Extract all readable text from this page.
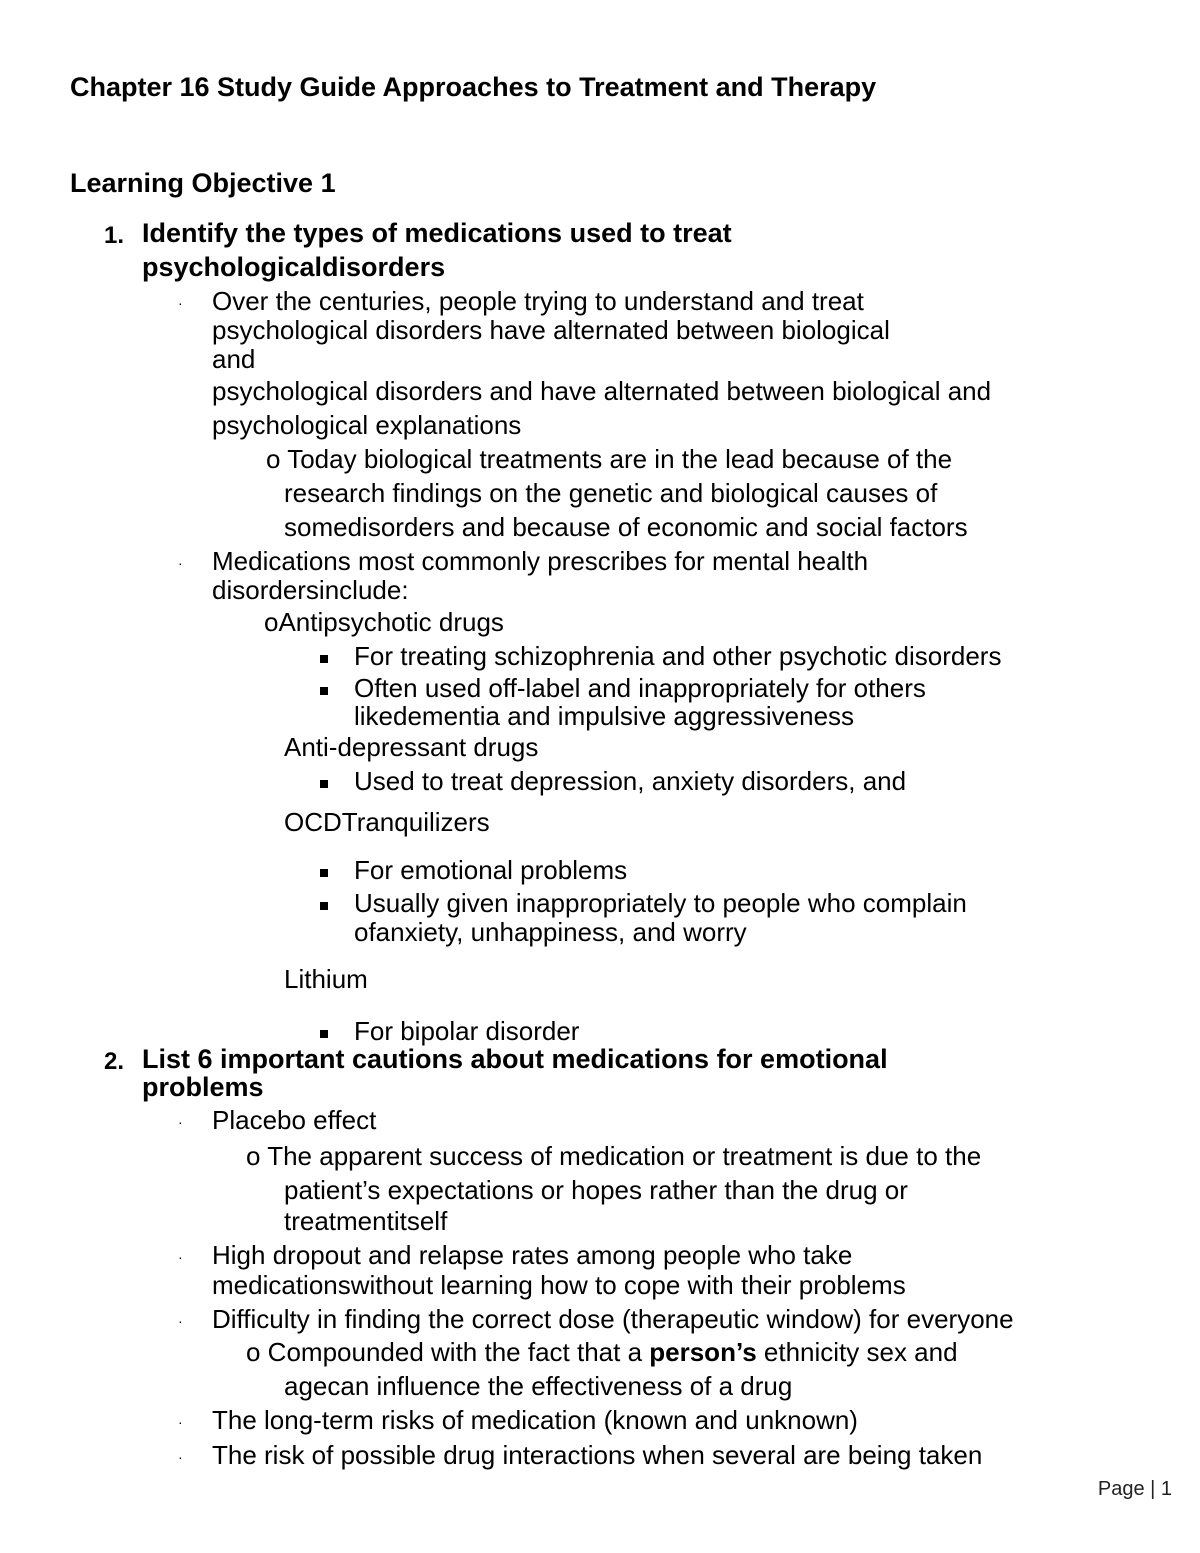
Chapter 16 Study Guide Approaches to Treatment and Therapy
Learning Objective 1
1. Identify the types of medications used to treat
psychologicaldisorders
· Over the centuries, people trying to understand and treat
psychological disorders have alternated between biological
and
psychological disorders and have alternated between biological and
psychological explanations
o Today biological treatments are in the lead because of the
research findings on the genetic and biological causes of
somedisorders and because of economic and social factors
· Medications most commonly prescribes for mental health
disordersinclude:
oAntipsychotic drugs
For treating schizophrenia and other psychotic disorders
Often used off-label and inappropriately for others
likedementia and impulsive aggressiveness
Anti-depressant drugs
Used to treat depression, anxiety disorders, and
OCDTranquilizers
For emotional problems
Usually given inappropriately to people who complain
ofanxiety, unhappiness, and worry
Lithium
For bipolar disorder
2. List 6 important cautions about medications for emotional
problems
· Placebo effect
o The apparent success of medication or treatment is due to the
patient’s expectations or hopes rather than the drug or
treatmentitself
· High dropout and relapse rates among people who take
medicationswithout learning how to cope with their problems
· Difficulty in finding the correct dose (therapeutic window) for everyone
o Compounded with the fact that a person’s ethnicity sex and
agecan influence the effectiveness of a drug
· The long-term risks of medication (known and unknown)
· The risk of possible drug interactions when several are being taken
Page | 1
